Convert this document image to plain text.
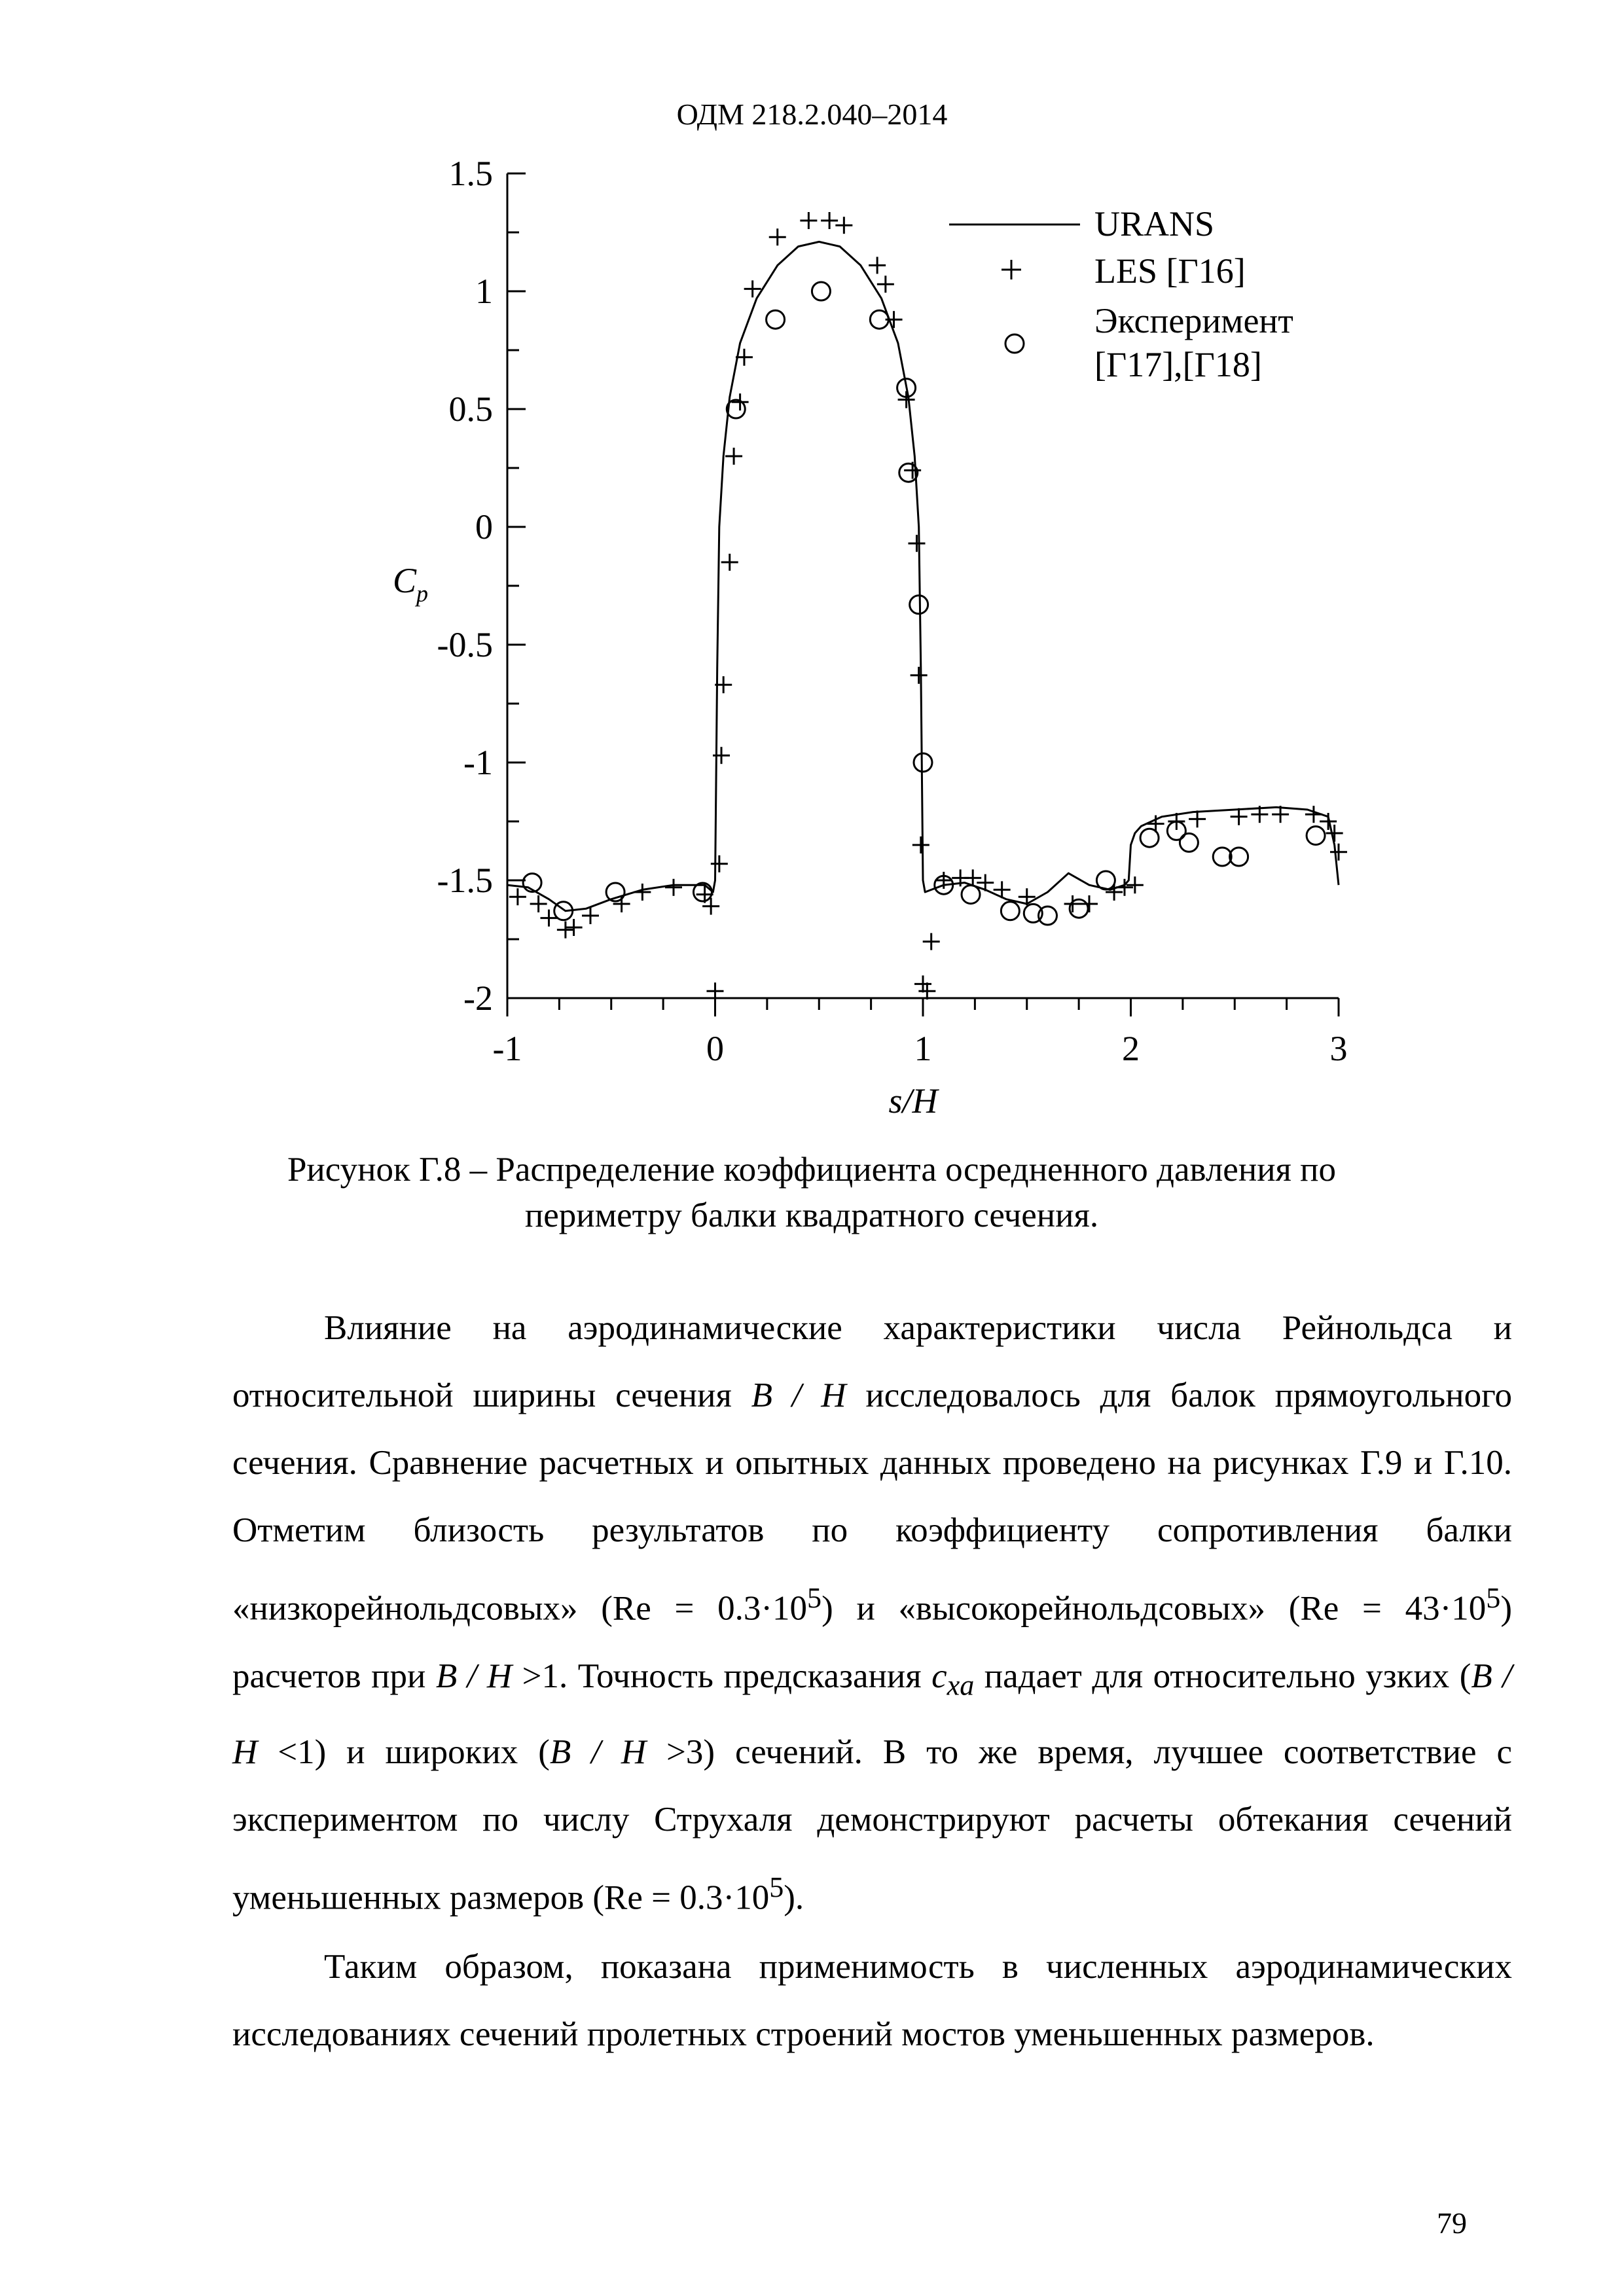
ОДМ 218.2.040–2014
1.5
1
0.5
0
-0.5
-1
-1.5
-2
-1	0	1	2	3
URANS
LES [Г16]
Эксперимент
[Г17],[Г18]
s/H
$C_p$
Рисунок Г.8 – Распределение коэффициента осредненного давления по
периметру балки квадратного сечения.

Влияние на аэродинамические характеристики числа Рейнольдса и относительной ширины сечения B / H исследовалось для балок прямоугольного сечения. Сравнение расчетных и опытных данных проведено на рисунках Г.9 и Г.10. Отметим близость результатов по коэффициенту сопротивления балки «низкорейнольдсовых» $(Re = 0.3\cdot 10^5)$ и «высокорейнольдсовых» $(Re = 43\cdot 10^5)$ расчетов при B / H >1. Точность предсказания $c_{xa}$ падает для относительно узких (B / H <1) и широких (B / H >3) сечений. В то же время, лучшее соответствие с экспериментом по числу Струхаля демонстрируют расчеты обтекания сечений уменьшенных размеров $(Re = 0.3\cdot 10^5)$.

Таким образом, показана применимость в численных аэродинамических исследованиях сечений пролетных строений мостов уменьшенных размеров.

79
